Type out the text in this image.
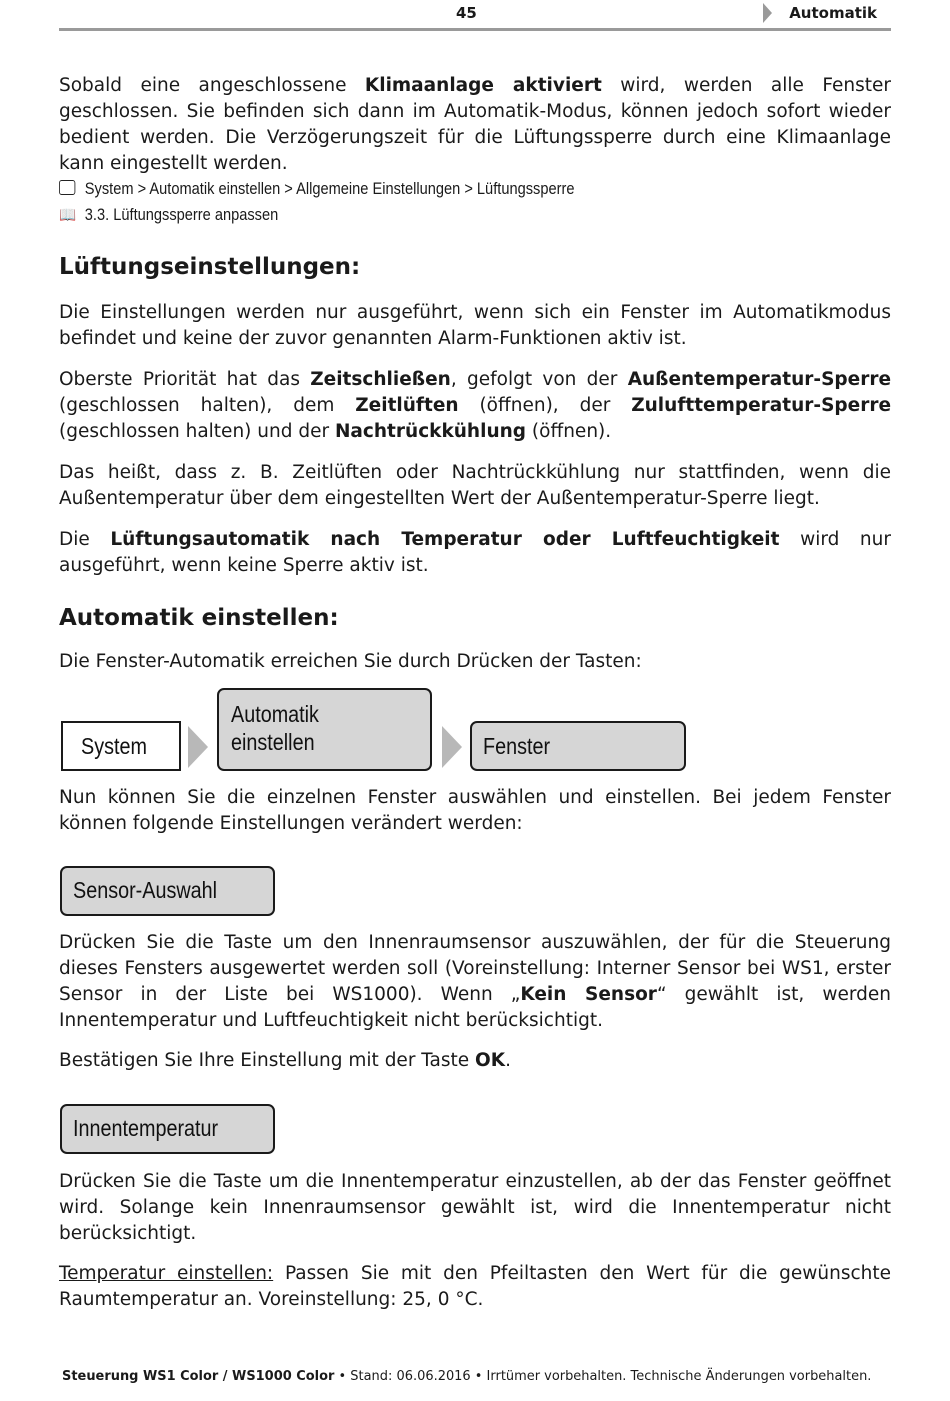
45	Automatik

Sobald eine angeschlossene Klimaanlage aktiviert wird, werden alle Fenster geschlossen. Sie befinden sich dann im Automatik-Modus, können jedoch sofort wieder bedient werden. Die Verzögerungszeit für die Lüftungssperre durch eine Klimaanlage kann eingestellt werden.

System > Automatik einstellen > Allgemeine Einstellungen > Lüftungssperre
📖 3.3. Lüftungssperre anpassen
Lüftungseinstellungen:

Die Einstellungen werden nur ausgeführt, wenn sich ein Fenster im Automatikmodus befindet und keine der zuvor genannten Alarm-Funktionen aktiv ist.

Oberste Priorität hat das Zeitschließen, gefolgt von der Außentemperatur-Sperre (geschlossen halten), dem Zeitlüften (öffnen), der Zulufttemperatur-Sperre (geschlossen halten) und der Nachtrückkühlung (öffnen).

Das heißt, dass z. B. Zeitlüften oder Nachtrückkühlung nur stattfinden, wenn die Außentemperatur über dem eingestellten Wert der Außentemperatur-Sperre liegt.

Die Lüftungsautomatik nach Temperatur oder Luftfeuchtigkeit wird nur ausgeführt, wenn keine Sperre aktiv ist.

Automatik einstellen:

Die Fenster-Automatik erreichen Sie durch Drücken der Tasten:

System
Automatik
einstellen	Fenster

Nun können Sie die einzelnen Fenster auswählen und einstellen. Bei jedem Fenster können folgende Einstellungen verändert werden:

Sensor-Auswahl

Drücken Sie die Taste um den Innenraumsensor auszuwählen, der für die Steuerung dieses Fensters ausgewertet werden soll (Voreinstellung: Interner Sensor bei WS1, erster Sensor in der Liste bei WS1000). Wenn „Kein Sensor“ gewählt ist, werden Innentemperatur und Luftfeuchtigkeit nicht berücksichtigt.

Bestätigen Sie Ihre Einstellung mit der Taste OK.

Innentemperatur

Drücken Sie die Taste um die Innentemperatur einzustellen, ab der das Fenster geöffnet wird. Solange kein Innenraumsensor gewählt ist, wird die Innentemperatur nicht berücksichtigt.

Temperatur einstellen: Passen Sie mit den Pfeiltasten den Wert für die gewünschte Raumtemperatur an. Voreinstellung: 25, 0 °C.

Steuerung WS1 Color / WS1000 Color • Stand: 06.06.2016 • Irrtümer vorbehalten. Technische Änderungen vorbehalten.
